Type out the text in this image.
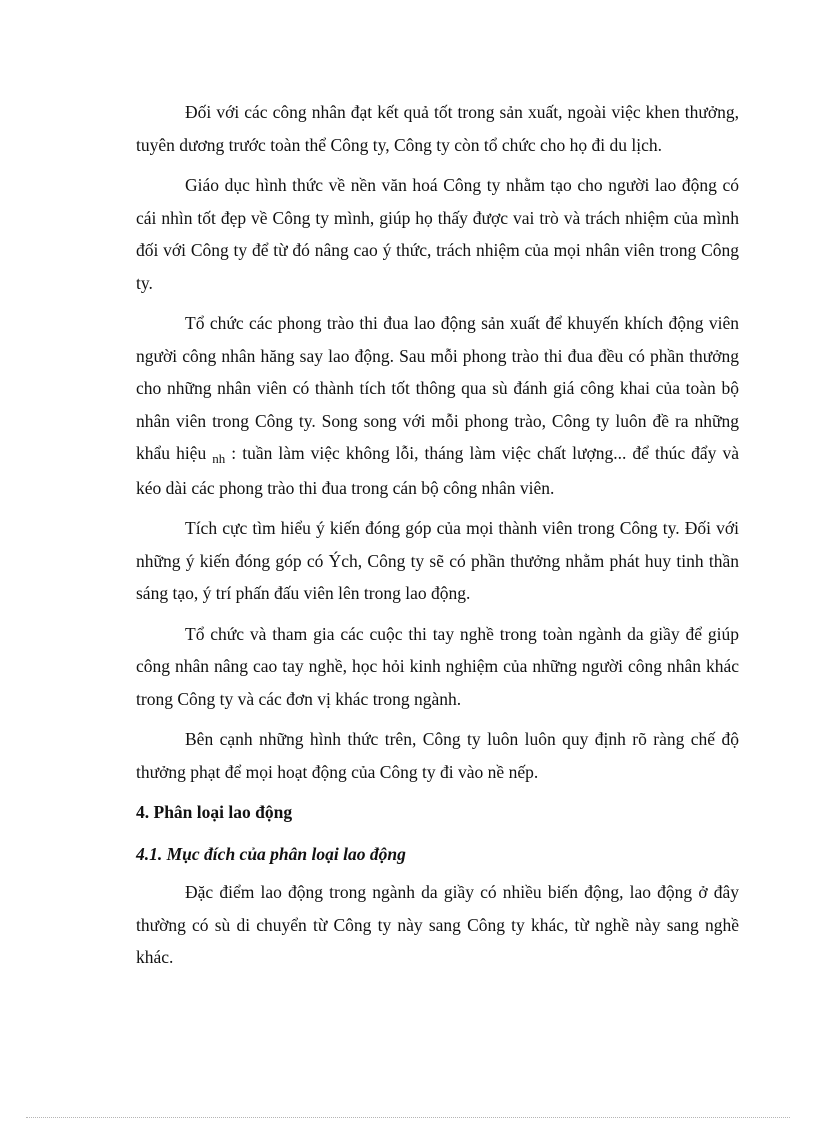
Đối với các công nhân đạt kết quả tốt trong sản xuất, ngoài việc khen thưởng, tuyên dương trước toàn thể Công ty, Công ty còn tổ chức cho họ đi du lịch.

Giáo dục hình thức về nền văn hoá Công ty nhằm tạo cho người lao động có cái nhìn tốt đẹp về Công ty mình, giúp họ thấy được vai trò và trách nhiệm của mình đối với Công ty để từ đó nâng cao ý thức, trách nhiệm của mọi nhân viên trong Công ty.

Tổ chức các phong trào thi đua lao động sản xuất để khuyến khích động viên người công nhân hăng say lao động. Sau mỗi phong trào thi đua đều có phần thưởng cho những nhân viên có thành tích tốt thông qua sù đánh giá công khai của toàn bộ nhân viên trong Công ty. Song song với mỗi phong trào, Công ty luôn đề ra những khẩu hiệu $_{nh}$ : tuần làm việc không lỗi, tháng làm việc chất lượng... để thúc đẩy và kéo dài các phong trào thi đua trong cán bộ công nhân viên.

Tích cực tìm hiểu ý kiến đóng góp của mọi thành viên trong Công ty. Đối với những ý kiến đóng góp có Ých, Công ty sẽ có phần thưởng nhằm phát huy tinh thần sáng tạo, ý trí phấn đấu viên lên trong lao động.

Tổ chức và tham gia các cuộc thi tay nghề trong toàn ngành da giầy để giúp công nhân nâng cao tay nghề, học hỏi kinh nghiệm của những người công nhân khác trong Công ty và các đơn vị khác trong ngành.

Bên cạnh những hình thức trên, Công ty luôn luôn quy định rõ ràng chế độ thưởng phạt để mọi hoạt động của Công ty đi vào nề nếp.

4. Phân loại lao động
4.1. Mục đích của phân loại lao động

Đặc điểm lao động trong ngành da giầy có nhiều biến động, lao động ở đây thường có sù di chuyển từ Công ty này sang Công ty khác, từ nghề này sang nghề khác.
